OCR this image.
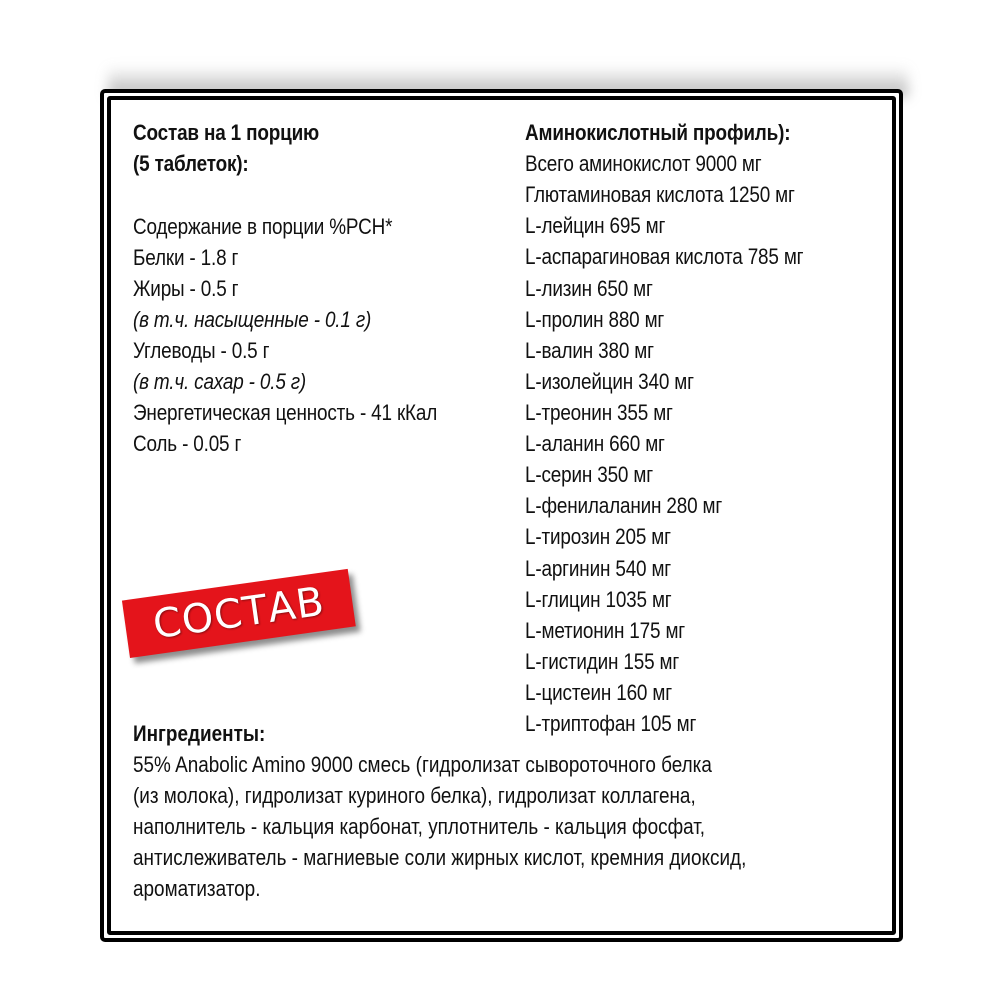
Состав на 1 порцию
(5 таблеток):
Содержание в порции %РСН*
Белки - 1.8 г
Жиры - 0.5 г
(в т.ч. насыщенные - 0.1 г)
Углеводы - 0.5 г
(в т.ч. сахар - 0.5 г)
Энергетическая ценность - 41 кКал
Соль - 0.05 г
Аминокислотный профиль):
Всего аминокислот 9000 мг
Глютаминовая кислота 1250 мг
L-лейцин 695 мг
L-аспарагиновая кислота 785 мг
L-лизин 650 мг
L-пролин 880 мг
L-валин 380 мг
L-изолейцин 340 мг
L-треонин 355 мг
L-аланин 660 мг
L-серин 350 мг
L-фенилаланин 280 мг
L-тирозин 205 мг
L-аргинин 540 мг
L-глицин 1035 мг
L-метионин 175 мг
L-гистидин 155 мг
L-цистеин 160 мг
L-триптофан 105 мг
СОСТАВ
Ингредиенты:
55% Anabolic Amino 9000 смесь (гидролизат сывороточного белка
(из молока), гидролизат куриного белка), гидролизат коллагена,
наполнитель - кальция карбонат, уплотнитель - кальция фосфат,
антислеживатель - магниевые соли жирных кислот, кремния диоксид,
ароматизатор.
